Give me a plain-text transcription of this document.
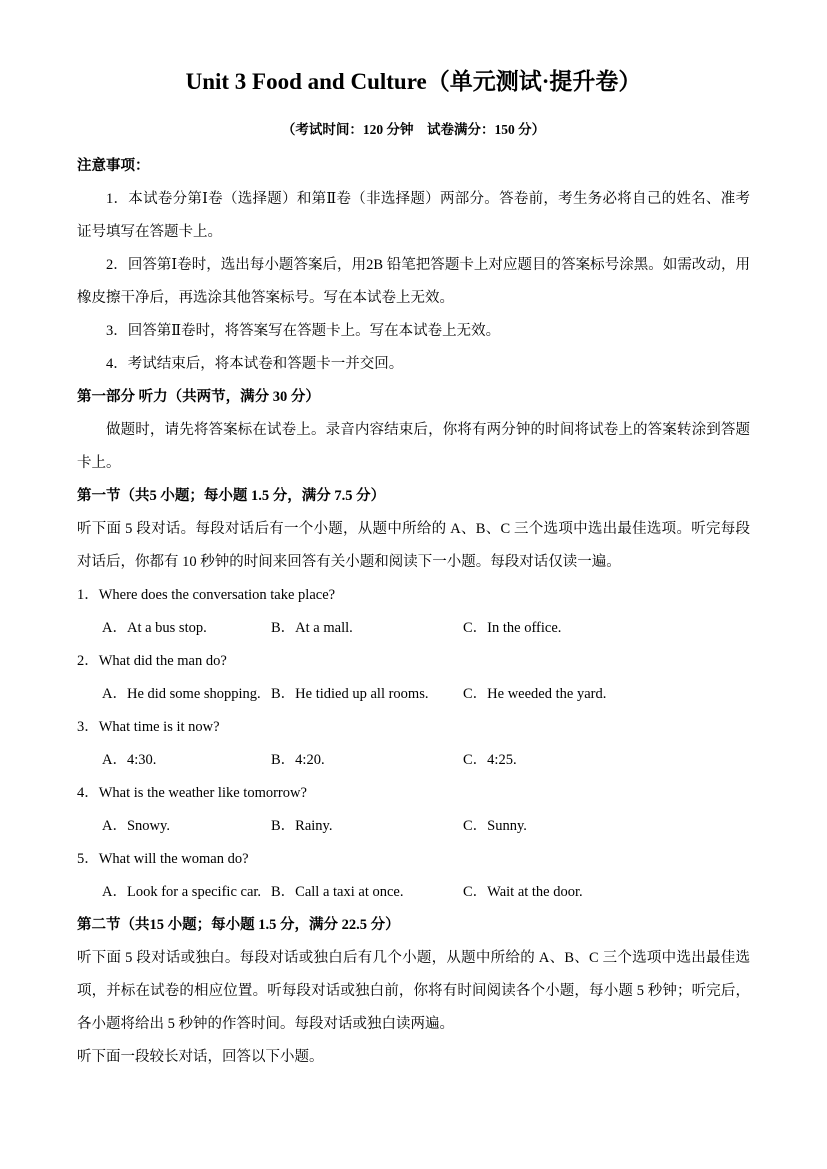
Unit 3 Food and Culture（单元测试·提升卷）
（考试时间：120 分钟　试卷满分：150 分）

注意事项：

1．本试卷分第Ⅰ卷（选择题）和第Ⅱ卷（非选择题）两部分。答卷前，考生务必将自己的姓名、准考证号填写在答题卡上。

2．回答第Ⅰ卷时，选出每小题答案后，用2B 铅笔把答题卡上对应题目的答案标号涂黑。如需改动，用橡皮擦干净后，再选涂其他答案标号。写在本试卷上无效。

3．回答第Ⅱ卷时，将答案写在答题卡上。写在本试卷上无效。

4．考试结束后，将本试卷和答题卡一并交回。

第一部分 听力（共两节，满分 30 分）

做题时，请先将答案标在试卷上。录音内容结束后，你将有两分钟的时间将试卷上的答案转涂到答题卡上。

第一节（共5 小题；每小题 1.5 分，满分 7.5 分）

听下面 5 段对话。每段对话后有一个小题，从题中所给的 A、B、C 三个选项中选出最佳选项。听完每段对话后，你都有 10 秒钟的时间来回答有关小题和阅读下一小题。每段对话仅读一遍。

1．Where does the conversation take place?
A．At a bus stop.	B．At a mall.	C．In the office.
2．What did the man do?
A．He did some shopping. B．He tidied up all rooms.	C．He weeded the yard.
3．What time is it now?
A．4:30.	B．4:20.	C．4:25.
4．What is the weather like tomorrow?
A．Snowy.	B．Rainy.	C．Sunny.
5．What will the woman do?
A．Look for a specific car. B．Call a taxi at once.	C．Wait at the door.

第二节（共15 小题；每小题 1.5 分，满分 22.5 分）

听下面 5 段对话或独白。每段对话或独白后有几个小题，从题中所给的 A、B、C 三个选项中选出最佳选项，并标在试卷的相应位置。听每段对话或独白前，你将有时间阅读各个小题，每小题 5 秒钟；听完后，各小题将给出 5 秒钟的作答时间。每段对话或独白读两遍。

听下面一段较长对话，回答以下小题。
